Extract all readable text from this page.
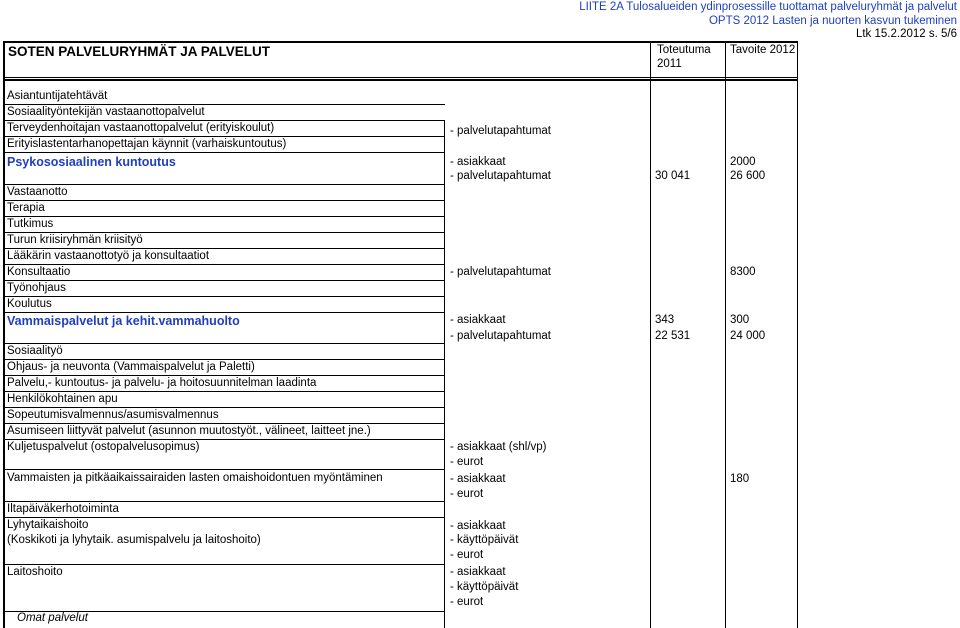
LIITE 2A Tulosalueiden ydinprosessille tuottamat palveluryhmät ja palvelut
OPTS 2012 Lasten ja nuorten kasvun tukeminen
Ltk 15.2.2012 s. 5/6
SOTEN PALVELURYHMÄT JA PALVELUT	Toteutuma
2011
Tavoite 2012
Asiantuntijatehtävät
Sosiaalityöntekijän vastaanottopalvelut
Terveydenhoitajan vastaanottopalvelut (erityiskoulut)
Erityislastentarhanopettajan käynnit (varhaiskuntoutus)
Psykososiaalinen kuntoutus
Vastaanotto
Terapia
Tutkimus
Turun kriisiryhmän kriisityö
Lääkärin vastaanottotyö ja konsultaatiot
Konsultaatio
Työnohjaus
Koulutus
Vammaispalvelut ja kehit.vammahuolto
Sosiaalityö
Ohjaus- ja neuvonta (Vammaispalvelut ja Paletti)
Palvelu,- kuntoutus- ja palvelu- ja hoitosuunnitelman laadinta
Henkilökohtainen apu
Sopeutumisvalmennus/asumisvalmennus
Asumiseen liittyvät palvelut (asunnon muutostyöt., välineet, laitteet jne.)
Kuljetuspalvelut (ostopalvelusopimus)
Vammaisten ja pitkäaikaissairaiden lasten omaishoidontuen myöntäminen
Iltapäiväkerhotoiminta
Lyhytaikaishoito
(Koskikoti ja lyhytaik. asumispalvelu ja laitoshoito)
Laitoshoito
Omat palvelut
- palvelutapahtumat
- asiakkaat
- palvelutapahtumat
- palvelutapahtumat
- asiakkaat
- palvelutapahtumat
- asiakkaat (shl/vp)
- eurot
- asiakkaat
- eurot
- asiakkaat
- käyttöpäivät
- eurot
- asiakkaat
- käyttöpäivät
- eurot
30 041
343
22 531
2000
26 600
8300
300
24 000
180
